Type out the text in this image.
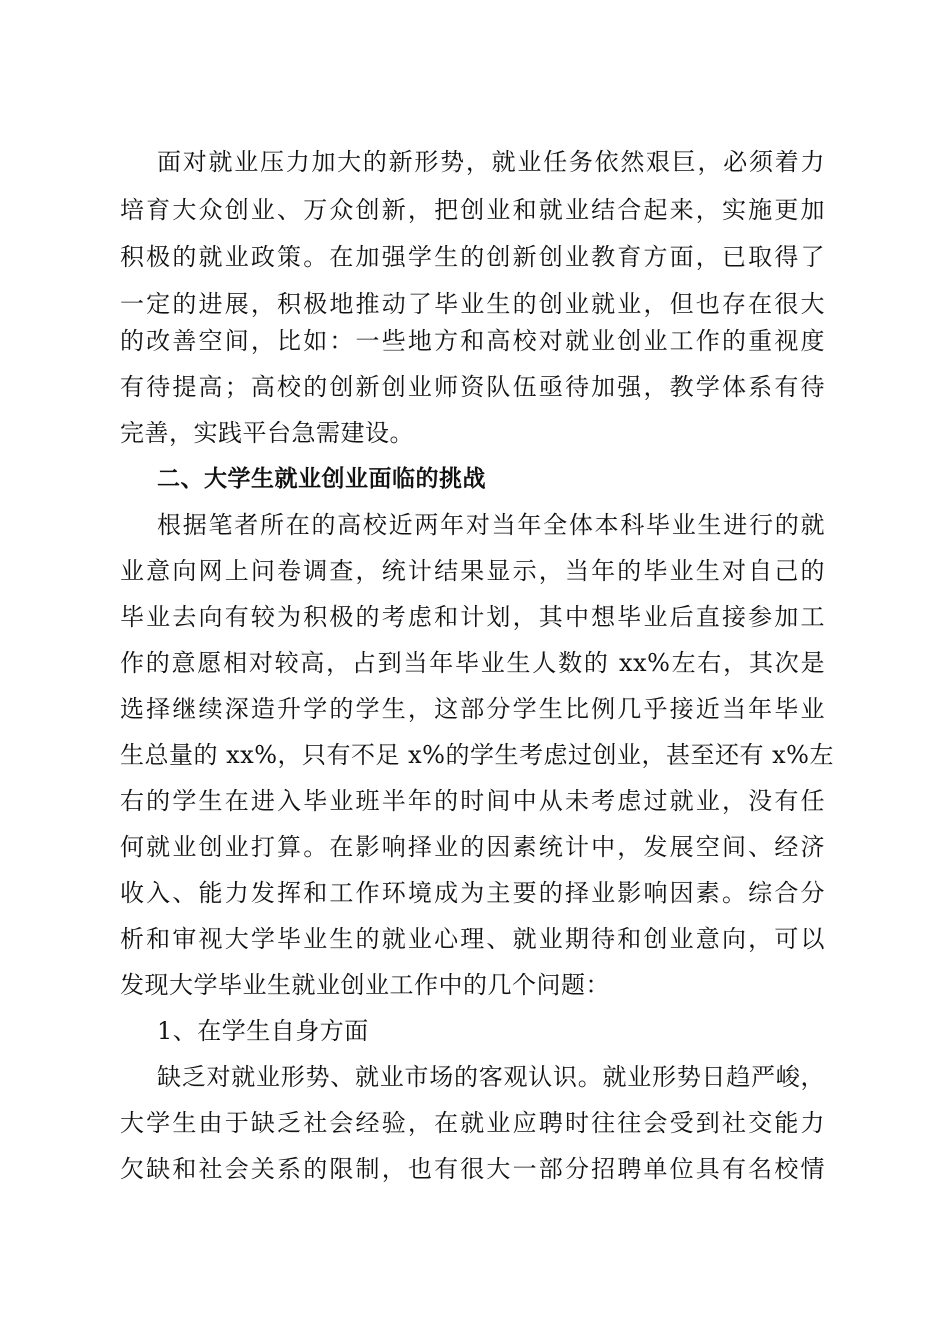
面对就业压力加大的新形势，就业任务依然艰巨，必须着力
培育大众创业、万众创新，把创业和就业结合起来，实施更加
积极的就业政策。在加强学生的创新创业教育方面，已取得了
一定的进展，积极地推动了毕业生的创业就业，但也存在很大
的改善空间，比如：一些地方和高校对就业创业工作的重视度
有待提高；高校的创新创业师资队伍亟待加强，教学体系有待
完善，实践平台急需建设。
二、大学生就业创业面临的挑战
根据笔者所在的高校近两年对当年全体本科毕业生进行的就
业意向网上问卷调查，统计结果显示，当年的毕业生对自己的
毕业去向有较为积极的考虑和计划，其中想毕业后直接参加工
作的意愿相对较高，占到当年毕业生人数的 xx%左右，其次是
选择继续深造升学的学生，这部分学生比例几乎接近当年毕业
生总量的 xx%，只有不足 x%的学生考虑过创业，甚至还有 x%左
右的学生在进入毕业班半年的时间中从未考虑过就业，没有任
何就业创业打算。在影响择业的因素统计中，发展空间、经济
收入、能力发挥和工作环境成为主要的择业影响因素。综合分
析和审视大学毕业生的就业心理、就业期待和创业意向，可以
发现大学毕业生就业创业工作中的几个问题：
1、在学生自身方面
缺乏对就业形势、就业市场的客观认识。就业形势日趋严峻，
大学生由于缺乏社会经验，在就业应聘时往往会受到社交能力
欠缺和社会关系的限制，也有很大一部分招聘单位具有名校情
